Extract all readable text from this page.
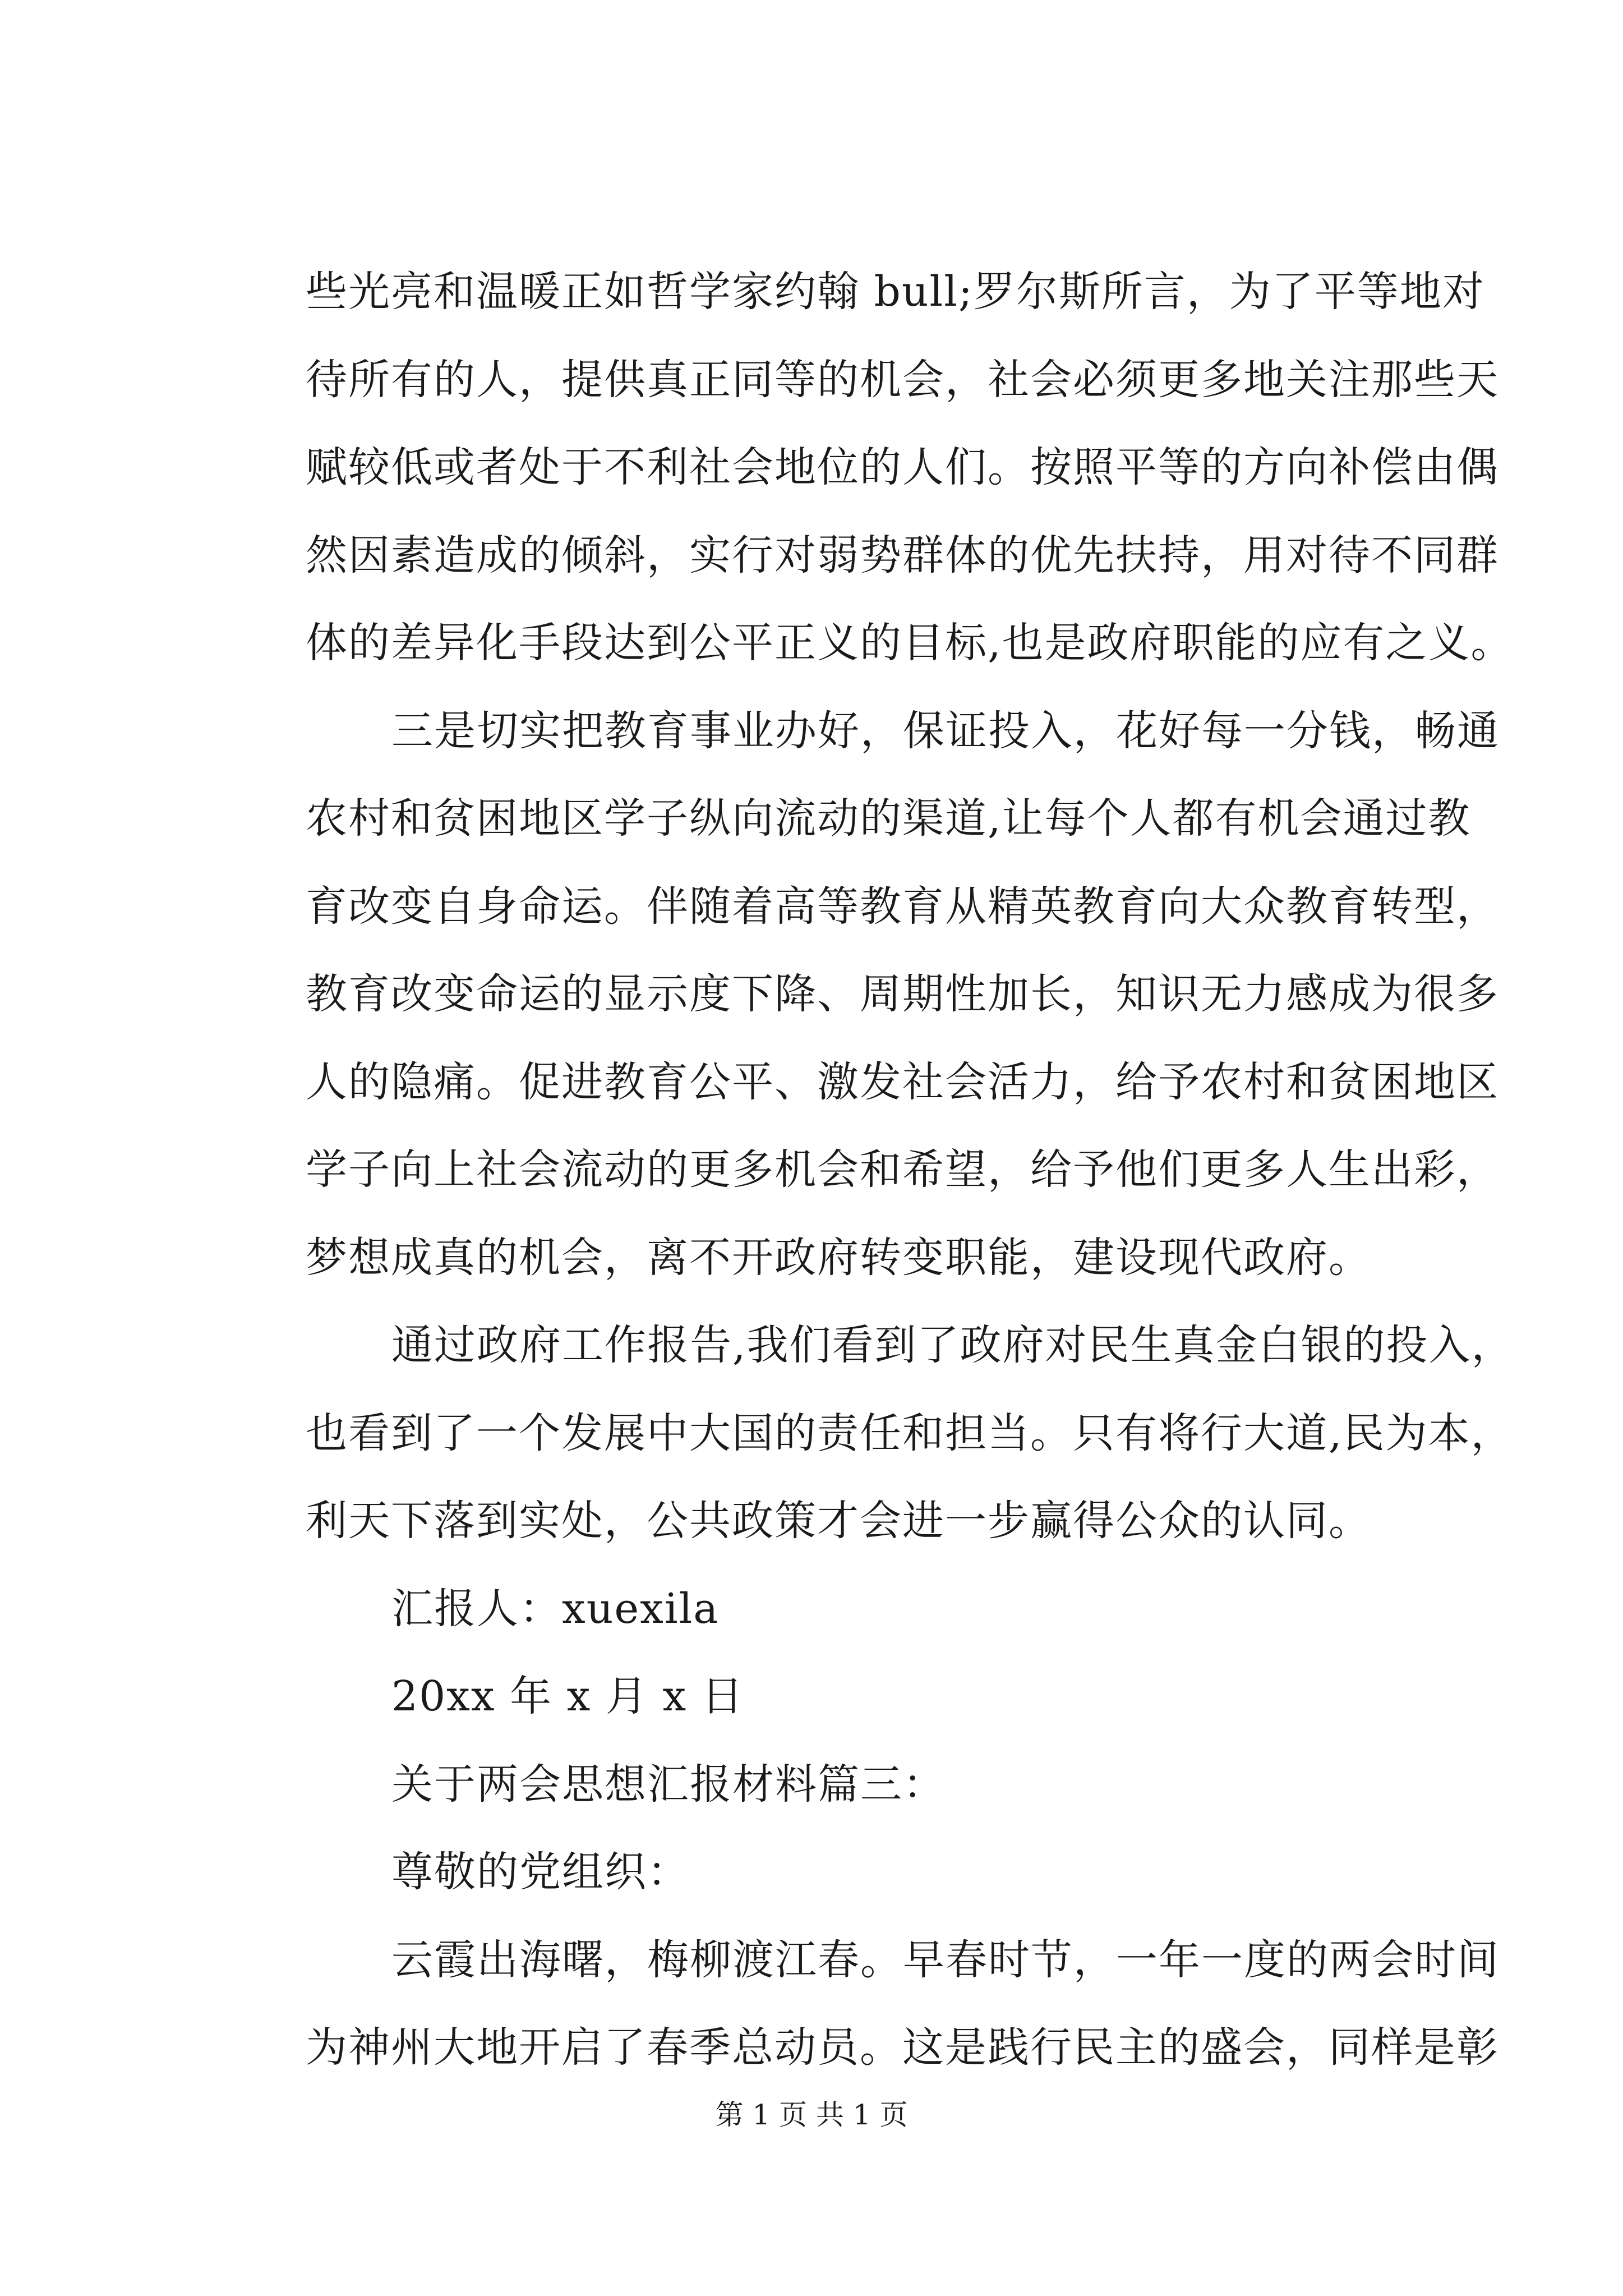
些光亮和温暖正如哲学家约翰 bull;罗尔斯所言，为了平等地对
待所有的人，提供真正同等的机会，社会必须更多地关注那些天
赋较低或者处于不利社会地位的人们。按照平等的方向补偿由偶
然因素造成的倾斜，实行对弱势群体的优先扶持，用对待不同群
体的差异化手段达到公平正义的目标,也是政府职能的应有之义。
三是切实把教育事业办好，保证投入，花好每一分钱，畅通
农村和贫困地区学子纵向流动的渠道,让每个人都有机会通过教
育改变自身命运。伴随着高等教育从精英教育向大众教育转型，
教育改变命运的显示度下降、周期性加长，知识无力感成为很多
人的隐痛。促进教育公平、激发社会活力，给予农村和贫困地区
学子向上社会流动的更多机会和希望，给予他们更多人生出彩，
梦想成真的机会，离不开政府转变职能，建设现代政府。
通过政府工作报告,我们看到了政府对民生真金白银的投入，
也看到了一个发展中大国的责任和担当。只有将行大道,民为本，
利天下落到实处，公共政策才会进一步赢得公众的认同。
汇报人：xuexila
20xx 年 x 月 x 日
关于两会思想汇报材料篇三：
尊敬的党组织：
云霞出海曙，梅柳渡江春。早春时节，一年一度的两会时间
为神州大地开启了春季总动员。这是践行民主的盛会，同样是彰
第 1 页 共 1 页
